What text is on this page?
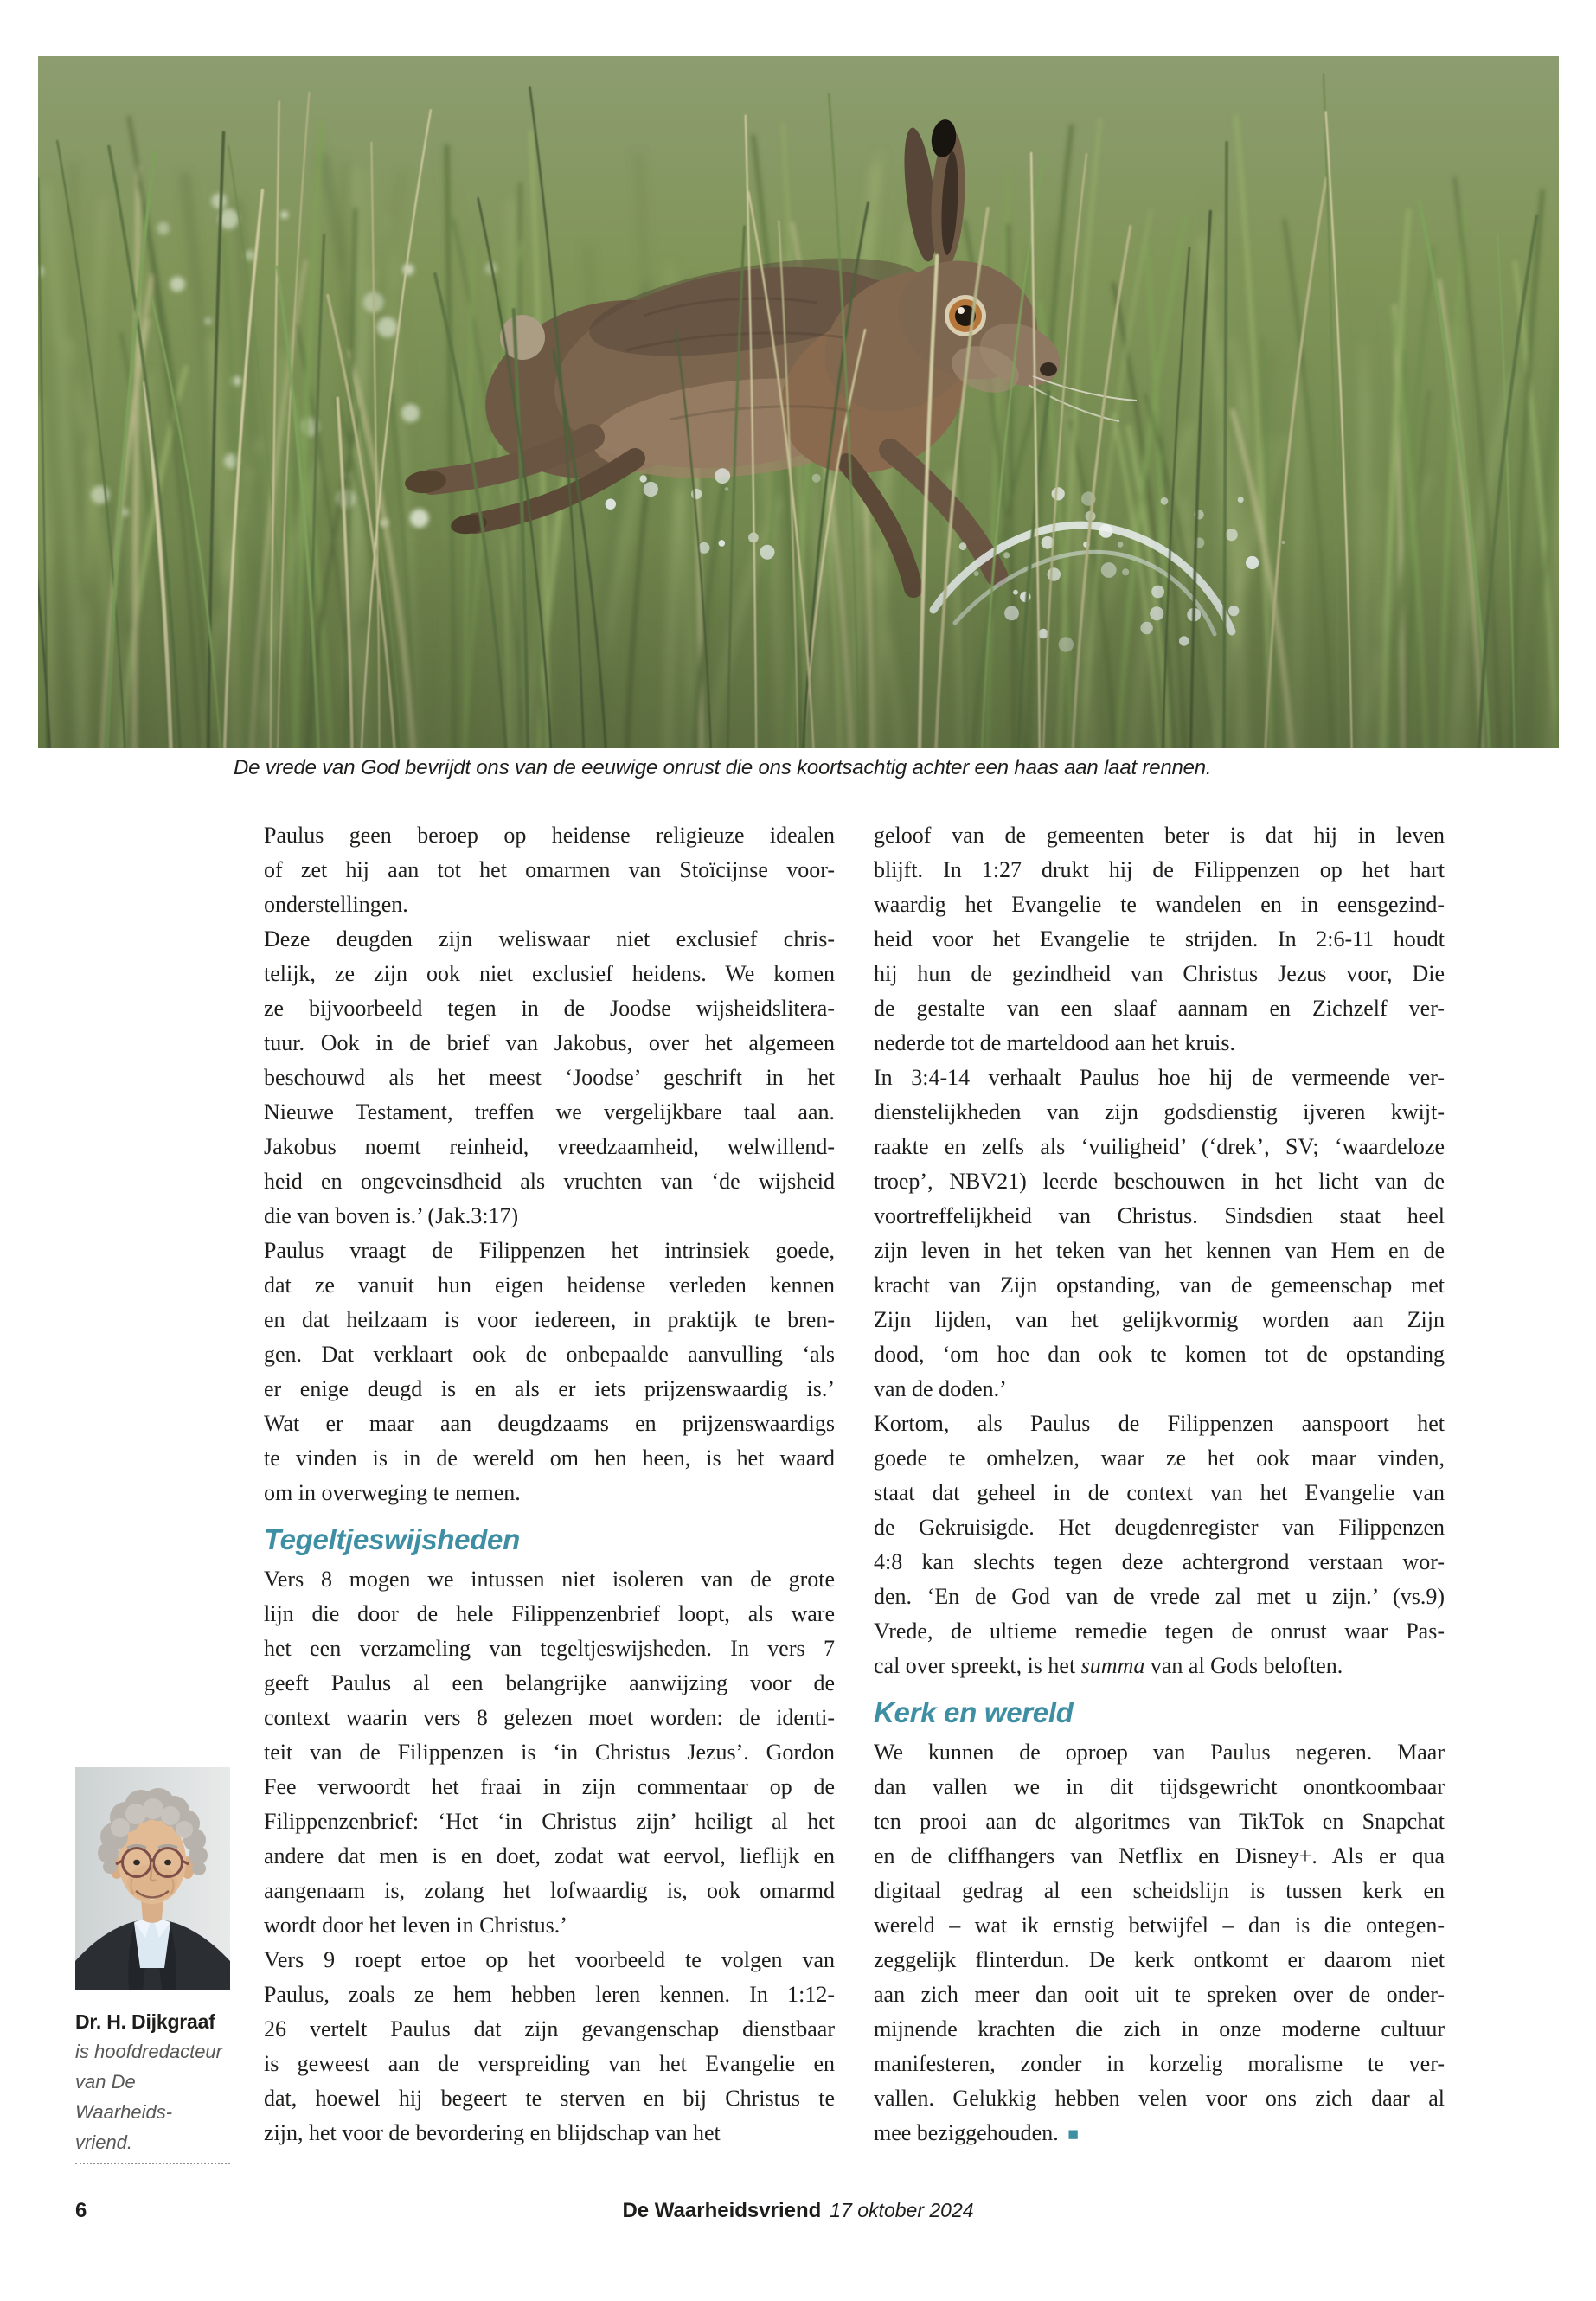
De vrede van God bevrijdt ons van de eeuwige onrust die ons koortsachtig achter een haas aan laat rennen.
Paulus geen beroep op heidense religieuze idealen
of zet hij aan tot het omarmen van Stoïcijnse voor-
onderstellingen.
Deze deugden zijn weliswaar niet exclusief chris-
telijk, ze zijn ook niet exclusief heidens. We komen
ze bijvoorbeeld tegen in de Joodse wijsheidslitera-
tuur. Ook in de brief van Jakobus, over het algemeen
beschouwd als het meest ‘Joodse’ geschrift in het
Nieuwe Testament, treffen we vergelijkbare taal aan.
Jakobus noemt reinheid, vreedzaamheid, welwillend-
heid en ongeveinsdheid als vruchten van ‘de wijsheid
die van boven is.’ (Jak.3:17)
Paulus vraagt de Filippenzen het intrinsiek goede,
dat ze vanuit hun eigen heidense verleden kennen
en dat heilzaam is voor iedereen, in praktijk te bren-
gen. Dat verklaart ook de onbepaalde aanvulling ‘als
er enige deugd is en als er iets prijzenswaardig is.’
Wat er maar aan deugdzaams en prijzenswaardigs
te vinden is in de wereld om hen heen, is het waard
om in overweging te nemen.
Tegeltjeswijsheden
Vers 8 mogen we intussen niet isoleren van de grote
lijn die door de hele Filippenzenbrief loopt, als ware
het een verzameling van tegeltjeswijsheden. In vers 7
geeft Paulus al een belangrijke aanwijzing voor de
context waarin vers 8 gelezen moet worden: de identi-
teit van de Filippenzen is ‘in Christus Jezus’. Gordon
Fee verwoordt het fraai in zijn commentaar op de
Filippenzenbrief: ‘Het ‘in Christus zijn’ heiligt al het
andere dat men is en doet, zodat wat eervol, lieflijk en
aangenaam is, zolang het lofwaardig is, ook omarmd
wordt door het leven in Christus.’
Vers 9 roept ertoe op het voorbeeld te volgen van
Paulus, zoals ze hem hebben leren kennen. In 1:12-
26 vertelt Paulus dat zijn gevangenschap dienstbaar
is geweest aan de verspreiding van het Evangelie en
dat, hoewel hij begeert te sterven en bij Christus te
zijn, het voor de bevordering en blijdschap van het
geloof van de gemeenten beter is dat hij in leven
blijft. In 1:27 drukt hij de Filippenzen op het hart
waardig het Evangelie te wandelen en in eensgezind-
heid voor het Evangelie te strijden. In 2:6-11 houdt
hij hun de gezindheid van Christus Jezus voor, Die
de gestalte van een slaaf aannam en Zichzelf ver-
nederde tot de marteldood aan het kruis.
In 3:4-14 verhaalt Paulus hoe hij de vermeende ver-
dienstelijkheden van zijn godsdienstig ijveren kwijt-
raakte en zelfs als ‘vuiligheid’ (‘drek’, SV; ‘waardeloze
troep’, NBV21) leerde beschouwen in het licht van de
voortreffelijkheid van Christus. Sindsdien staat heel
zijn leven in het teken van het kennen van Hem en de
kracht van Zijn opstanding, van de gemeenschap met
Zijn lijden, van het gelijkvormig worden aan Zijn
dood, ‘om hoe dan ook te komen tot de opstanding
van de doden.’
Kortom, als Paulus de Filippenzen aanspoort het
goede te omhelzen, waar ze het ook maar vinden,
staat dat geheel in de context van het Evangelie van
de Gekruisigde. Het deugdenregister van Filippenzen
4:8 kan slechts tegen deze achtergrond verstaan wor-
den. ‘En de God van de vrede zal met u zijn.’ (vs.9)
Vrede, de ultieme remedie tegen de onrust waar Pas-
cal over spreekt, is het summa van al Gods beloften.
Kerk en wereld
We kunnen de oproep van Paulus negeren. Maar
dan vallen we in dit tijdsgewricht onontkoombaar
ten prooi aan de algoritmes van TikTok en Snapchat
en de cliffhangers van Netflix en Disney+. Als er qua
digitaal gedrag al een scheidslijn is tussen kerk en
wereld – wat ik ernstig betwijfel – dan is die ontegen-
zeggelijk flinterdun. De kerk ontkomt er daarom niet
aan zich meer dan ooit uit te spreken over de onder-
mijnende krachten die zich in onze moderne cultuur
manifesteren, zonder in korzelig moralisme te ver-
vallen. Gelukkig hebben velen voor ons zich daar al
mee beziggehouden. ■
Dr. H. Dijkgraaf
is hoofdredacteur
van De Waarheids-
vriend.
6	De Waarheidsvriend 17 oktober 2024
